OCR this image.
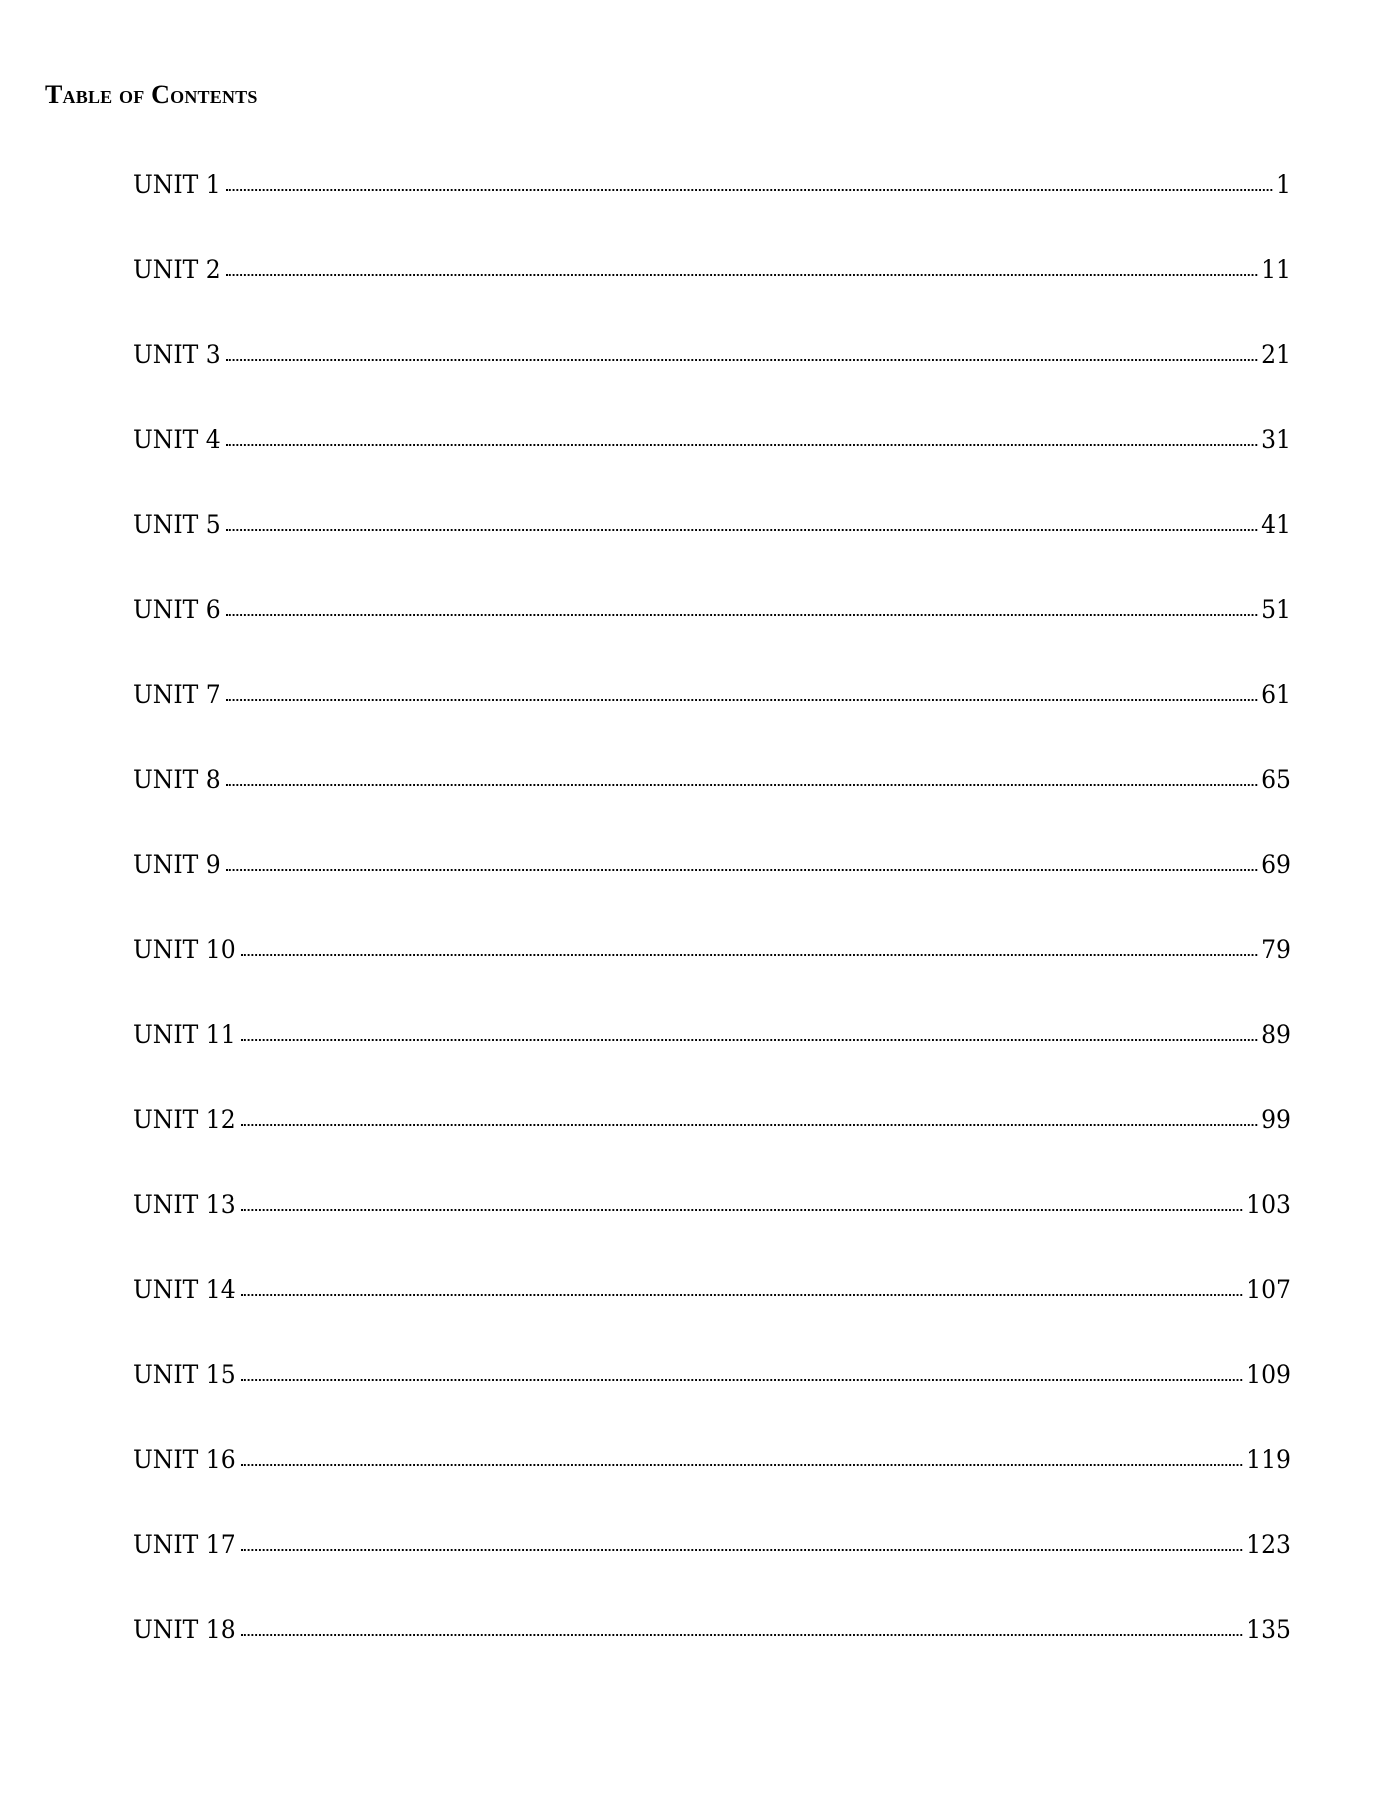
Table of Contents
UNIT 1	1
UNIT 2	11
UNIT 3	21
UNIT 4	31
UNIT 5	41
UNIT 6	51
UNIT 7	61
UNIT 8	65
UNIT 9	69
UNIT 10	79
UNIT 11	89
UNIT 12	99
UNIT 13	103
UNIT 14	107
UNIT 15	109
UNIT 16	119
UNIT 17	123
UNIT 18	135
